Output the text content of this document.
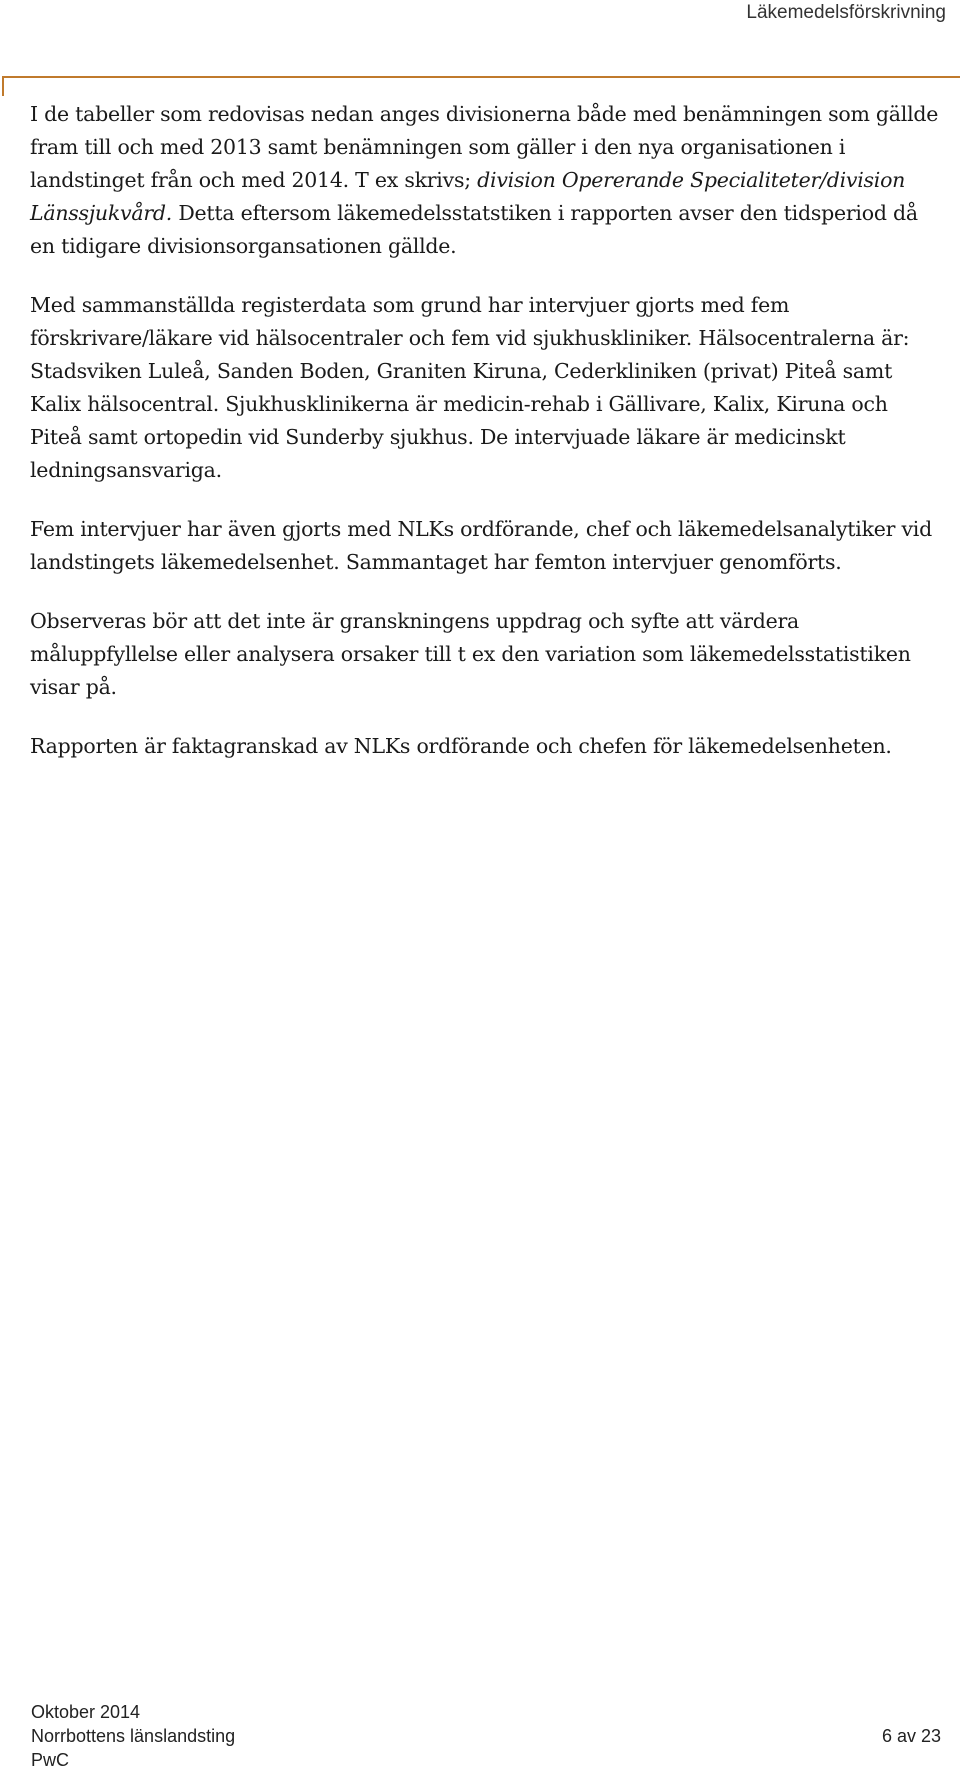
Läkemedelsförskrivning

I de tabeller som redovisas nedan anges divisionerna både med benämningen som gällde fram till och med 2013 samt benämningen som gäller i den nya organisationen i landstinget från och med 2014. T ex skrivs; division Opererande Specialiteter/division Länssjukvård. Detta eftersom läkemedelsstatstiken i rapporten avser den tidsperiod då en tidigare divisionsorgansationen gällde.

Med sammanställda registerdata som grund har intervjuer gjorts med fem förskrivare/läkare vid hälsocentraler och fem vid sjukhuskliniker. Hälsocentralerna är: Stadsviken Luleå, Sanden Boden, Graniten Kiruna, Cederkliniken (privat) Piteå samt Kalix hälsocentral. Sjukhusklinikerna är medicin-rehab i Gällivare, Kalix, Kiruna och Piteå samt ortopedin vid Sunderby sjukhus. De intervjuade läkare är medicinskt ledningsansvariga.

Fem intervjuer har även gjorts med NLKs ordförande, chef och läkemedelsanalytiker vid landstingets läkemedelsenhet. Sammantaget har femton intervjuer genomförts.

Observeras bör att det inte är granskningens uppdrag och syfte att värdera måluppfyllelse eller analysera orsaker till t ex den variation som läkemedelsstatistiken visar på.

Rapporten är faktagranskad av NLKs ordförande och chefen för läkemedelsenheten.

Oktober 2014
Norrbottens länslandsting	6 av 23
PwC
